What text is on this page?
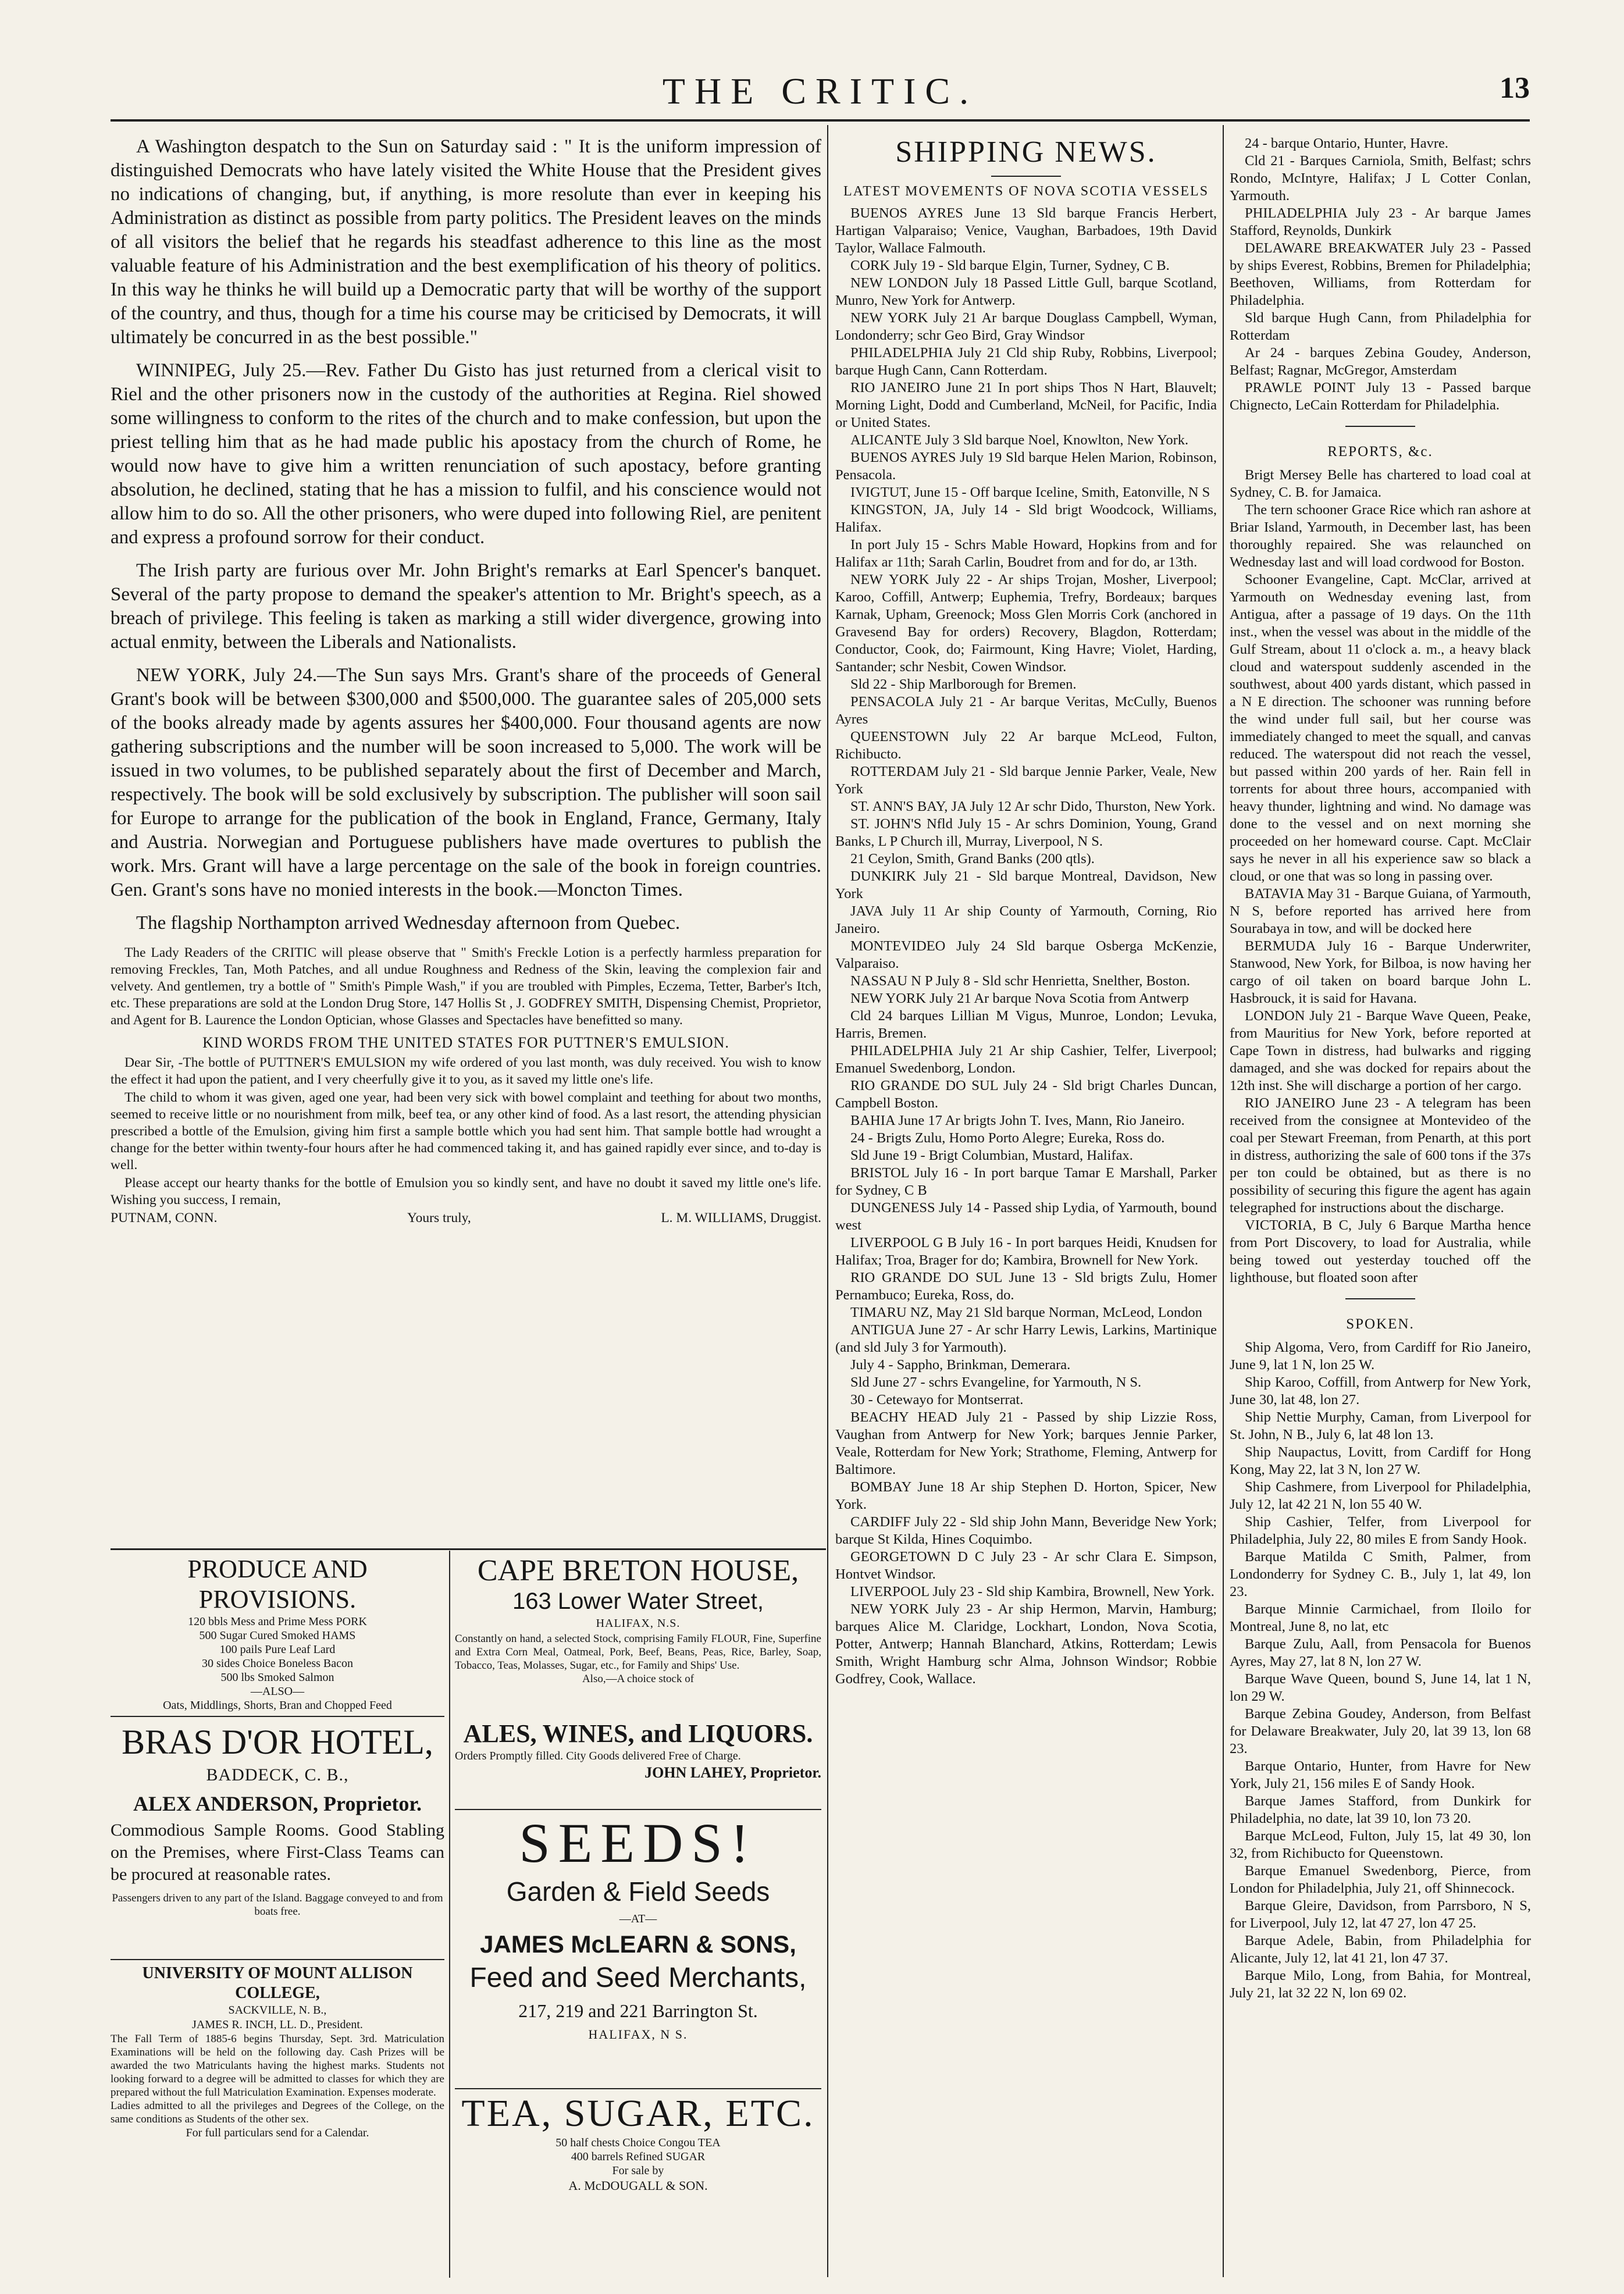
THE CRITIC.	13

A Washington despatch to the Sun on Saturday said : " It is the uniform impression of distinguished Democrats who have lately visited the White House that the President gives no indications of changing, but, if anything, is more resolute than ever in keeping his Administration as distinct as possible from party politics. The President leaves on the minds of all visitors the belief that he regards his steadfast adherence to this line as the most valuable feature of his Administration and the best exemplification of his theory of politics. In this way he thinks he will build up a Democratic party that will be worthy of the support of the country, and thus, though for a time his course may be criticised by Democrats, it will ultimately be concurred in as the best possible."

WINNIPEG, July 25.—Rev. Father Du Gisto has just returned from a clerical visit to Riel and the other prisoners now in the custody of the authorities at Regina. Riel showed some willingness to conform to the rites of the church and to make confession, but upon the priest telling him that as he had made public his apostacy from the church of Rome, he would now have to give him a written renunciation of such apostacy, before granting absolution, he declined, stating that he has a mission to fulfil, and his conscience would not allow him to do so. All the other prisoners, who were duped into following Riel, are penitent and express a profound sorrow for their conduct.

The Irish party are furious over Mr. John Bright's remarks at Earl Spencer's banquet. Several of the party propose to demand the speaker's attention to Mr. Bright's speech, as a breach of privilege. This feeling is taken as marking a still wider divergence, growing into actual enmity, between the Liberals and Nationalists.

NEW YORK, July 24.—The Sun says Mrs. Grant's share of the proceeds of General Grant's book will be between $300,000 and $500,000. The guarantee sales of 205,000 sets of the books already made by agents assures her $400,000. Four thousand agents are now gathering subscriptions and the number will be soon increased to 5,000. The work will be issued in two volumes, to be published separately about the first of December and March, respectively. The book will be sold exclusively by subscription. The publisher will soon sail for Europe to arrange for the publication of the book in England, France, Germany, Italy and Austria. Norwegian and Portuguese publishers have made overtures to publish the work. Mrs. Grant will have a large percentage on the sale of the book in foreign countries. Gen. Grant's sons have no monied interests in the book.—Moncton Times.

The flagship Northampton arrived Wednesday afternoon from Quebec.

The Lady Readers of the CRITIC will please observe that " Smith's Freckle Lotion is a perfectly harmless preparation for removing Freckles, Tan, Moth Patches, and all undue Roughness and Redness of the Skin, leaving the complexion fair and velvety. And gentlemen, try a bottle of " Smith's Pimple Wash," if you are troubled with Pimples, Eczema, Tetter, Barber's Itch, etc. These preparations are sold at the London Drug Store, 147 Hollis St , J. GODFREY SMITH, Dispensing Chemist, Proprietor, and Agent for B. Laurence the London Optician, whose Glasses and Spectacles have benefitted so many.

KIND WORDS FROM THE UNITED STATES FOR PUTTNER'S EMULSION.

Dear Sir, -The bottle of PUTTNER'S EMULSION my wife ordered of you last month, was duly received. You wish to know the effect it had upon the patient, and I very cheerfully give it to you, as it saved my little one's life.

The child to whom it was given, aged one year, had been very sick with bowel complaint and teething for about two months, seemed to receive little or no nourishment from milk, beef tea, or any other kind of food. As a last resort, the attending physician prescribed a bottle of the Emulsion, giving him first a sample bottle which you had sent him. That sample bottle had wrought a change for the better within twenty-four hours after he had commenced taking it, and has gained rapidly ever since, and to-day is well.

Please accept our hearty thanks for the bottle of Emulsion you so kindly sent, and have no doubt it saved my little one's life. Wishing you success, I remain,

PUTNAM, CONN.	Yours truly,	L. M. WILLIAMS, Druggist.

PRODUCE AND PROVISIONS.

120 bbls Mess and Prime Mess PORK

500 Sugar Cured Smoked HAMS

100 pails Pure Leaf Lard

30 sides Choice Boneless Bacon

500 lbs Smoked Salmon

—ALSO—

Oats, Middlings, Shorts, Bran and Chopped Feed

BRAS D'OR HOTEL,

BADDECK, C. B.,

ALEX ANDERSON, Proprietor.

Commodious Sample Rooms. Good Stabling on the Premises, where First-Class Teams can be procured at reasonable rates.

Passengers driven to any part of the Island. Baggage conveyed to and from boats free.

UNIVERSITY OF MOUNT ALLISON COLLEGE,

SACKVILLE, N. B.,

JAMES R. INCH, LL. D., President.

The Fall Term of 1885-6 begins Thursday, Sept. 3rd. Matriculation Examinations will be held on the following day. Cash Prizes will be awarded the two Matriculants having the highest marks. Students not looking forward to a degree will be admitted to classes for which they are prepared without the full Matriculation Examination. Expenses moderate.

Ladies admitted to all the privileges and Degrees of the College, on the same conditions as Students of the other sex.

For full particulars send for a Calendar.

CAPE BRETON HOUSE,

163 Lower Water Street,

HALIFAX, N.S.

Constantly on hand, a selected Stock, comprising Family FLOUR, Fine, Superfine and Extra Corn Meal, Oatmeal, Pork, Beef, Beans, Peas, Rice, Barley, Soap, Tobacco, Teas, Molasses, Sugar, etc., for Family and Ships' Use.

Also,—A choice stock of

ALES, WINES, and LIQUORS.

Orders Promptly filled. City Goods delivered Free of Charge.

JOHN LAHEY, Proprietor.

SEEDS!

Garden & Field Seeds

—AT—

JAMES McLEARN & SONS,

Feed and Seed Merchants,

217, 219 and 221 Barrington St.

HALIFAX, N S.

TEA, SUGAR, ETC.

50 half chests Choice Congou TEA

400 barrels Refined SUGAR

For sale by

A. McDOUGALL & SON.

SHIPPING NEWS.

LATEST MOVEMENTS OF NOVA SCOTIA VESSELS

BUENOS AYRES June 13 Sld barque Francis Herbert, Hartigan Valparaiso; Venice, Vaughan, Barbadoes, 19th David Taylor, Wallace Falmouth.

CORK July 19 - Sld barque Elgin, Turner, Sydney, C B.

NEW LONDON July 18 Passed Little Gull, barque Scotland, Munro, New York for Antwerp.

NEW YORK July 21 Ar barque Douglass Campbell, Wyman, Londonderry; schr Geo Bird, Gray Windsor

PHILADELPHIA July 21 Cld ship Ruby, Robbins, Liverpool; barque Hugh Cann, Cann Rotterdam.

RIO JANEIRO June 21 In port ships Thos N Hart, Blauvelt; Morning Light, Dodd and Cumberland, McNeil, for Pacific, India or United States.

ALICANTE July 3 Sld barque Noel, Knowlton, New York.

BUENOS AYRES July 19 Sld barque Helen Marion, Robinson, Pensacola.

IVIGTUT, June 15 - Off barque Iceline, Smith, Eatonville, N S

KINGSTON, JA, July 14 - Sld brigt Woodcock, Williams, Halifax.

In port July 15 - Schrs Mable Howard, Hopkins from and for Halifax ar 11th; Sarah Carlin, Boudret from and for do, ar 13th.

NEW YORK July 22 - Ar ships Trojan, Mosher, Liverpool; Karoo, Coffill, Antwerp; Euphemia, Trefry, Bordeaux; barques Karnak, Upham, Greenock; Moss Glen Morris Cork (anchored in Gravesend Bay for orders) Recovery, Blagdon, Rotterdam; Conductor, Cook, do; Fairmount, King Havre; Violet, Harding, Santander; schr Nesbit, Cowen Windsor.

Sld 22 - Ship Marlborough for Bremen.

PENSACOLA July 21 - Ar barque Veritas, McCully, Buenos Ayres

QUEENSTOWN July 22 Ar barque McLeod, Fulton, Richibucto.

ROTTERDAM July 21 - Sld barque Jennie Parker, Veale, New York

ST. ANN'S BAY, JA July 12 Ar schr Dido, Thurston, New York.

ST. JOHN'S Nfld July 15 - Ar schrs Dominion, Young, Grand Banks, L P Church ill, Murray, Liverpool, N S.

21 Ceylon, Smith, Grand Banks (200 qtls).

DUNKIRK July 21 - Sld barque Montreal, Davidson, New York

JAVA July 11 Ar ship County of Yarmouth, Corning, Rio Janeiro.

MONTEVIDEO July 24 Sld barque Osberga McKenzie, Valparaiso.

NASSAU N P July 8 - Sld schr Henrietta, Snelther, Boston.

NEW YORK July 21 Ar barque Nova Scotia from Antwerp

Cld 24 barques Lillian M Vigus, Munroe, London; Levuka, Harris, Bremen.

PHILADELPHIA July 21 Ar ship Cashier, Telfer, Liverpool; Emanuel Swedenborg, London.

RIO GRANDE DO SUL July 24 - Sld brigt Charles Duncan, Campbell Boston.

BAHIA June 17 Ar brigts John T. Ives, Mann, Rio Janeiro.

24 - Brigts Zulu, Homo Porto Alegre; Eureka, Ross do.

Sld June 19 - Brigt Columbian, Mustard, Halifax.

BRISTOL July 16 - In port barque Tamar E Marshall, Parker for Sydney, C B

DUNGENESS July 14 - Passed ship Lydia, of Yarmouth, bound west

LIVERPOOL G B July 16 - In port barques Heidi, Knudsen for Halifax; Troa, Brager for do; Kambira, Brownell for New York.

RIO GRANDE DO SUL June 13 - Sld brigts Zulu, Homer Pernambuco; Eureka, Ross, do.

TIMARU NZ, May 21 Sld barque Norman, McLeod, London

ANTIGUA June 27 - Ar schr Harry Lewis, Larkins, Martinique (and sld July 3 for Yarmouth).

July 4 - Sappho, Brinkman, Demerara.

Sld June 27 - schrs Evangeline, for Yarmouth, N S.

30 - Cetewayo for Montserrat.

BEACHY HEAD July 21 - Passed by ship Lizzie Ross, Vaughan from Antwerp for New York; barques Jennie Parker, Veale, Rotterdam for New York; Strathome, Fleming, Antwerp for Baltimore.

BOMBAY June 18 Ar ship Stephen D. Horton, Spicer, New York.

CARDIFF July 22 - Sld ship John Mann, Beveridge New York; barque St Kilda, Hines Coquimbo.

GEORGETOWN D C July 23 - Ar schr Clara E. Simpson, Hontvet Windsor.

LIVERPOOL July 23 - Sld ship Kambira, Brownell, New York.

NEW YORK July 23 - Ar ship Hermon, Marvin, Hamburg; barques Alice M. Claridge, Lockhart, London, Nova Scotia, Potter, Antwerp; Hannah Blanchard, Atkins, Rotterdam; Lewis Smith, Wright Hamburg schr Alma, Johnson Windsor; Robbie Godfrey, Cook, Wallace.

24 - barque Ontario, Hunter, Havre.

Cld 21 - Barques Carniola, Smith, Belfast; schrs Rondo, McIntyre, Halifax; J L Cotter Conlan, Yarmouth.

PHILADELPHIA July 23 - Ar barque James Stafford, Reynolds, Dunkirk

DELAWARE BREAKWATER July 23 - Passed by ships Everest, Robbins, Bremen for Philadelphia; Beethoven, Williams, from Rotterdam for Philadelphia.

Sld barque Hugh Cann, from Philadelphia for Rotterdam

Ar 24 - barques Zebina Goudey, Anderson, Belfast; Ragnar, McGregor, Amsterdam

PRAWLE POINT July 13 - Passed barque Chignecto, LeCain Rotterdam for Philadelphia.

REPORTS, &c.

Brigt Mersey Belle has chartered to load coal at Sydney, C. B. for Jamaica.

The tern schooner Grace Rice which ran ashore at Briar Island, Yarmouth, in December last, has been thoroughly repaired. She was relaunched on Wednesday last and will load cordwood for Boston.

Schooner Evangeline, Capt. McClar, arrived at Yarmouth on Wednesday evening last, from Antigua, after a passage of 19 days. On the 11th inst., when the vessel was about in the middle of the Gulf Stream, about 11 o'clock a. m., a heavy black cloud and waterspout suddenly ascended in the southwest, about 400 yards distant, which passed in a N E direction. The schooner was running before the wind under full sail, but her course was immediately changed to meet the squall, and canvas reduced. The waterspout did not reach the vessel, but passed within 200 yards of her. Rain fell in torrents for about three hours, accompanied with heavy thunder, lightning and wind. No damage was done to the vessel and on next morning she proceeded on her homeward course. Capt. McClair says he never in all his experience saw so black a cloud, or one that was so long in passing over.

BATAVIA May 31 - Barque Guiana, of Yarmouth, N S, before reported has arrived here from Sourabaya in tow, and will be docked here

BERMUDA July 16 - Barque Underwriter, Stanwood, New York, for Bilboa, is now having her cargo of oil taken on board barque John L. Hasbrouck, it is said for Havana.

LONDON July 21 - Barque Wave Queen, Peake, from Mauritius for New York, before reported at Cape Town in distress, had bulwarks and rigging damaged, and she was docked for repairs about the 12th inst. She will discharge a portion of her cargo.

RIO JANEIRO June 23 - A telegram has been received from the consignee at Montevideo of the coal per Stewart Freeman, from Penarth, at this port in distress, authorizing the sale of 600 tons if the 37s per ton could be obtained, but as there is no possibility of securing this figure the agent has again telegraphed for instructions about the discharge.

VICTORIA, B C, July 6 Barque Martha hence from Port Discovery, to load for Australia, while being towed out yesterday touched off the lighthouse, but floated soon after

SPOKEN.

Ship Algoma, Vero, from Cardiff for Rio Janeiro, June 9, lat 1 N, lon 25 W.

Ship Karoo, Coffill, from Antwerp for New York, June 30, lat 48, lon 27.

Ship Nettie Murphy, Caman, from Liverpool for St. John, N B., July 6, lat 48 lon 13.

Ship Naupactus, Lovitt, from Cardiff for Hong Kong, May 22, lat 3 N, lon 27 W.

Ship Cashmere, from Liverpool for Philadelphia, July 12, lat 42 21 N, lon 55 40 W.

Ship Cashier, Telfer, from Liverpool for Philadelphia, July 22, 80 miles E from Sandy Hook.

Barque Matilda C Smith, Palmer, from Londonderry for Sydney C. B., July 1, lat 49, lon 23.

Barque Minnie Carmichael, from Iloilo for Montreal, June 8, no lat, etc

Barque Zulu, Aall, from Pensacola for Buenos Ayres, May 27, lat 8 N, lon 27 W.

Barque Wave Queen, bound S, June 14, lat 1 N, lon 29 W.

Barque Zebina Goudey, Anderson, from Belfast for Delaware Breakwater, July 20, lat 39 13, lon 68 23.

Barque Ontario, Hunter, from Havre for New York, July 21, 156 miles E of Sandy Hook.

Barque James Stafford, from Dunkirk for Philadelphia, no date, lat 39 10, lon 73 20.

Barque McLeod, Fulton, July 15, lat 49 30, lon 32, from Richibucto for Queenstown.

Barque Emanuel Swedenborg, Pierce, from London for Philadelphia, July 21, off Shinnecock.

Barque Gleire, Davidson, from Parrsboro, N S, for Liverpool, July 12, lat 47 27, lon 47 25.

Barque Adele, Babin, from Philadelphia for Alicante, July 12, lat 41 21, lon 47 37.

Barque Milo, Long, from Bahia, for Montreal, July 21, lat 32 22 N, lon 69 02.
